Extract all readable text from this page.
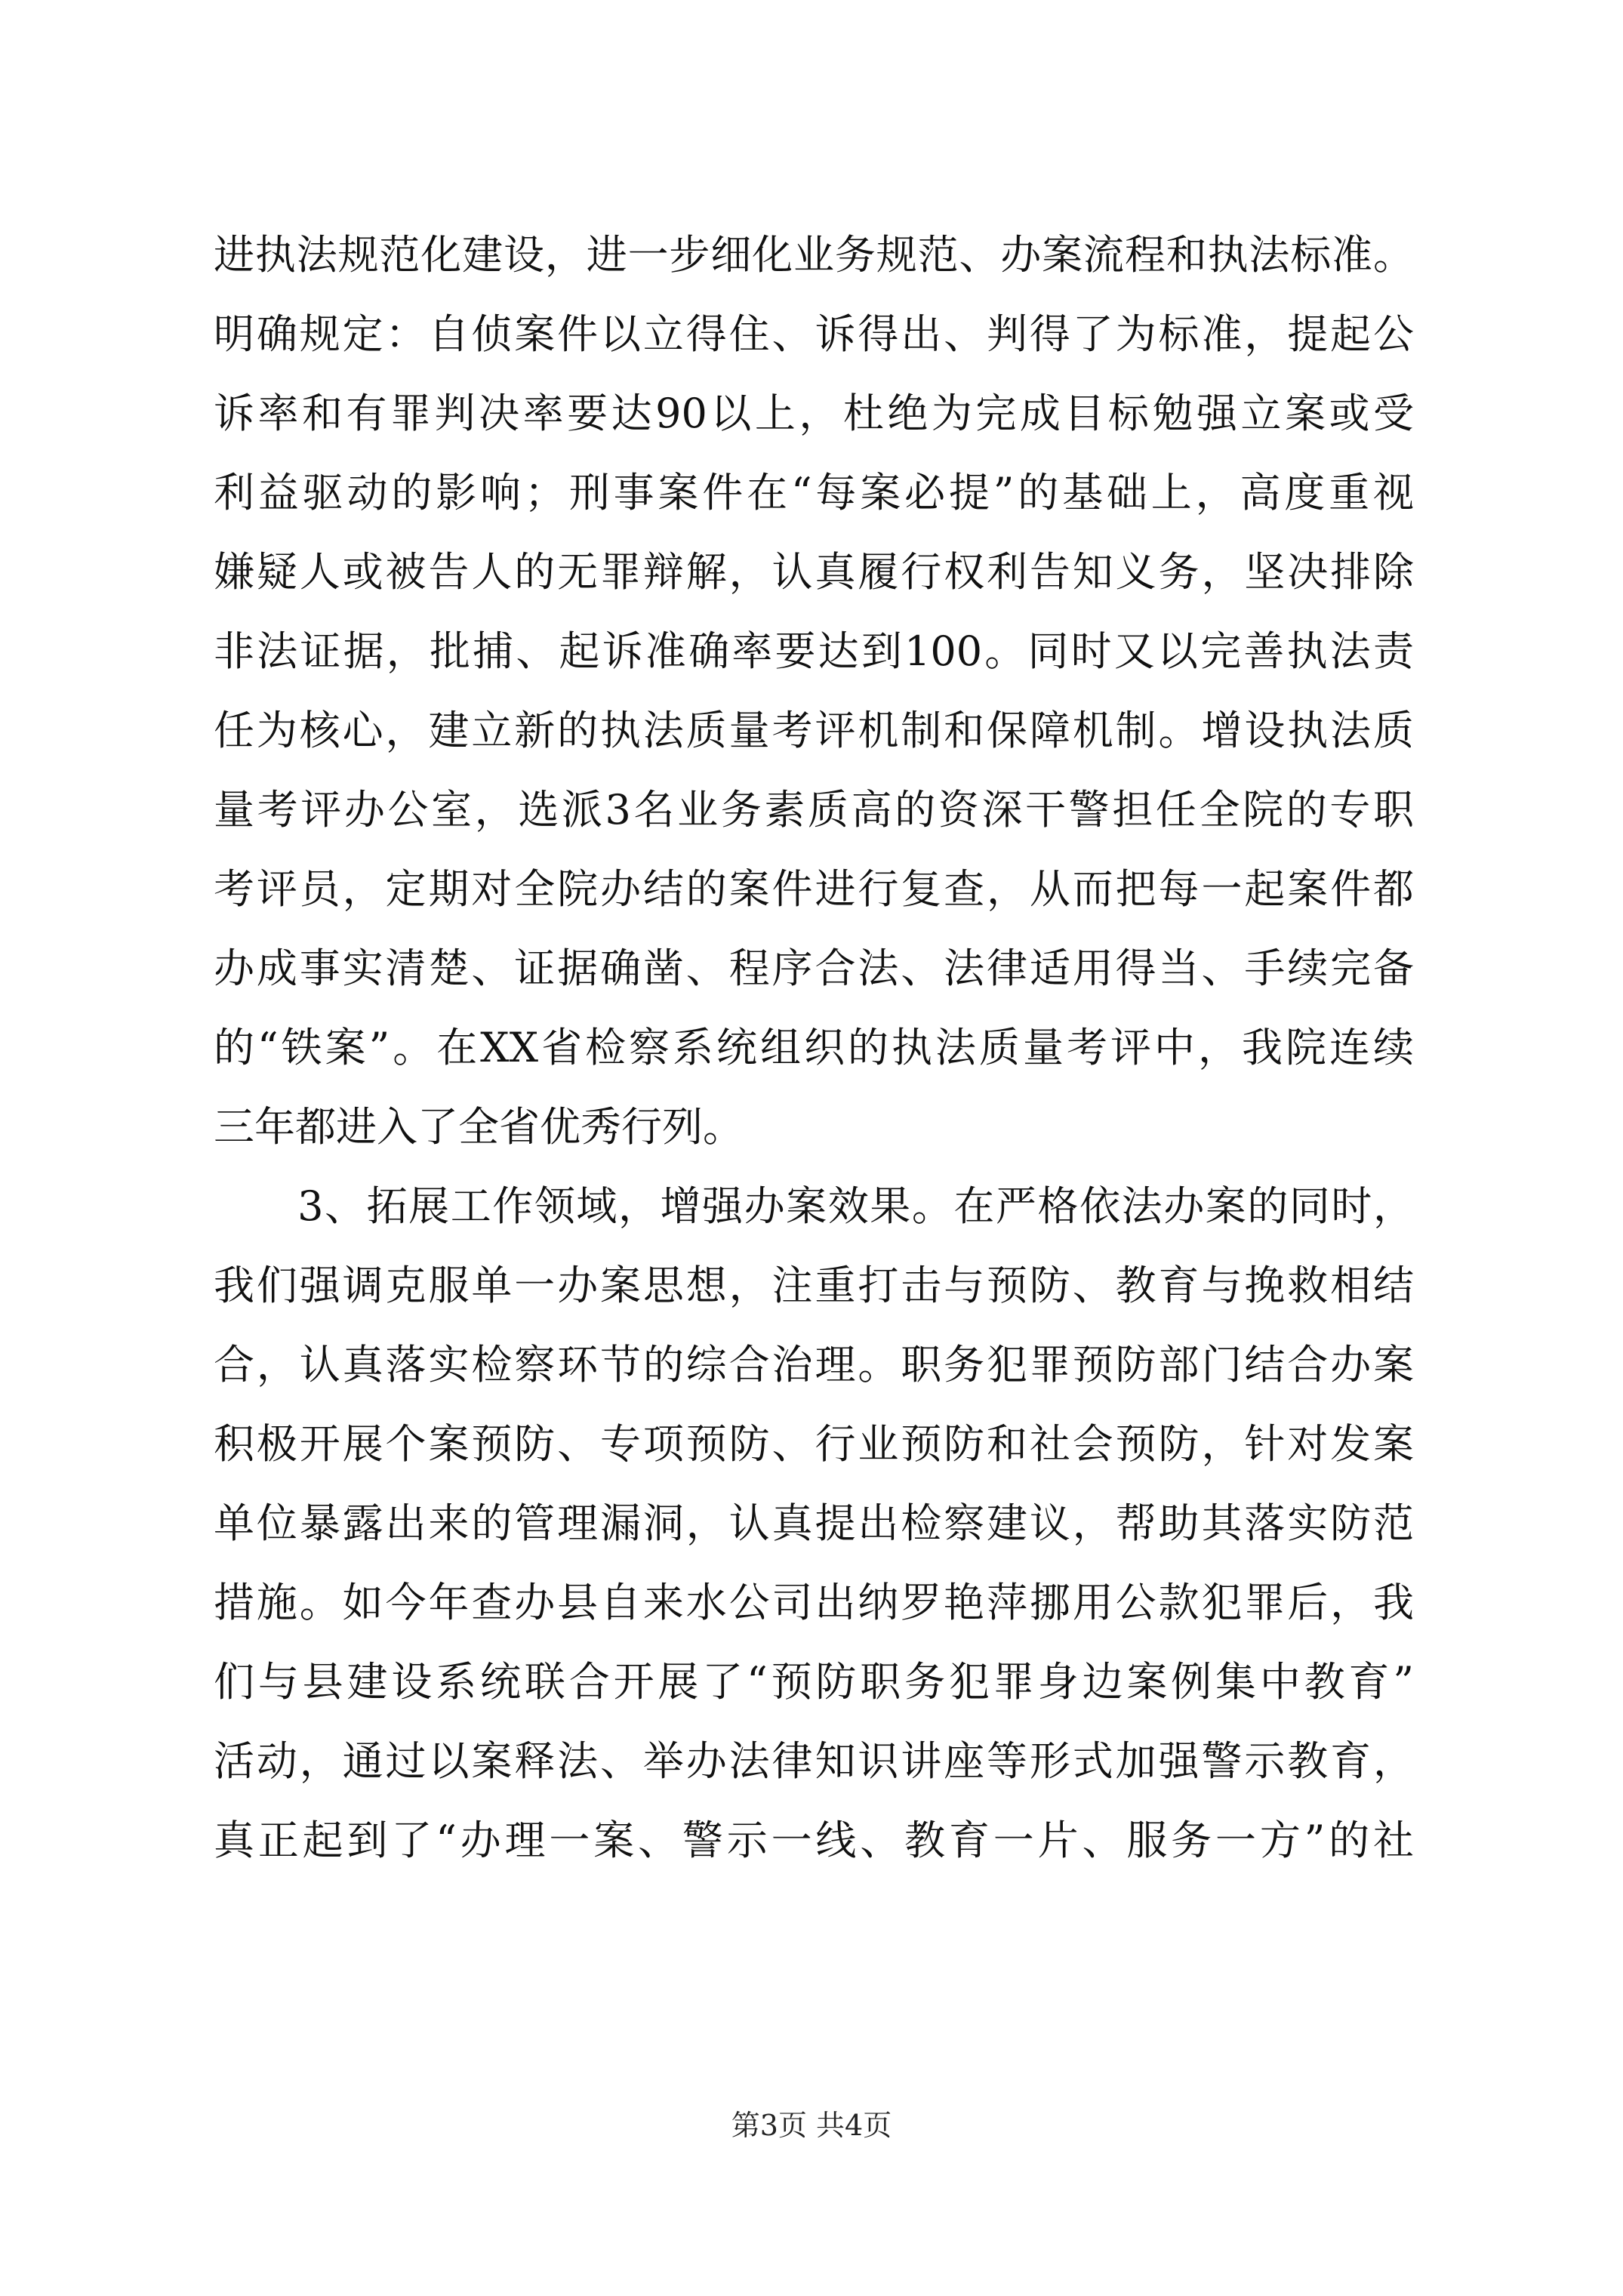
进执法规范化建设，进一步细化业务规范、办案流程和执法标准。
明确规定：自侦案件以立得住、诉得出、判得了为标准，提起公
诉率和有罪判决率要达90以上，杜绝为完成目标勉强立案或受
利益驱动的影响；刑事案件在“每案必提”的基础上，高度重视
嫌疑人或被告人的无罪辩解，认真履行权利告知义务，坚决排除
非法证据，批捕、起诉准确率要达到100。同时又以完善执法责
任为核心，建立新的执法质量考评机制和保障机制。增设执法质
量考评办公室，选派3名业务素质高的资深干警担任全院的专职
考评员，定期对全院办结的案件进行复查，从而把每一起案件都
办成事实清楚、证据确凿、程序合法、法律适用得当、手续完备
的“铁案”。在XX省检察系统组织的执法质量考评中，我院连续
三年都进入了全省优秀行列。
　　3、拓展工作领域，增强办案效果。在严格依法办案的同时，
我们强调克服单一办案思想，注重打击与预防、教育与挽救相结
合，认真落实检察环节的综合治理。职务犯罪预防部门结合办案
积极开展个案预防、专项预防、行业预防和社会预防，针对发案
单位暴露出来的管理漏洞，认真提出检察建议，帮助其落实防范
措施。如今年查办县自来水公司出纳罗艳萍挪用公款犯罪后，我
们与县建设系统联合开展了“预防职务犯罪身边案例集中教育”
活动，通过以案释法、举办法律知识讲座等形式加强警示教育，
真正起到了“办理一案、警示一线、教育一片、服务一方”的社
第3页 共4页
